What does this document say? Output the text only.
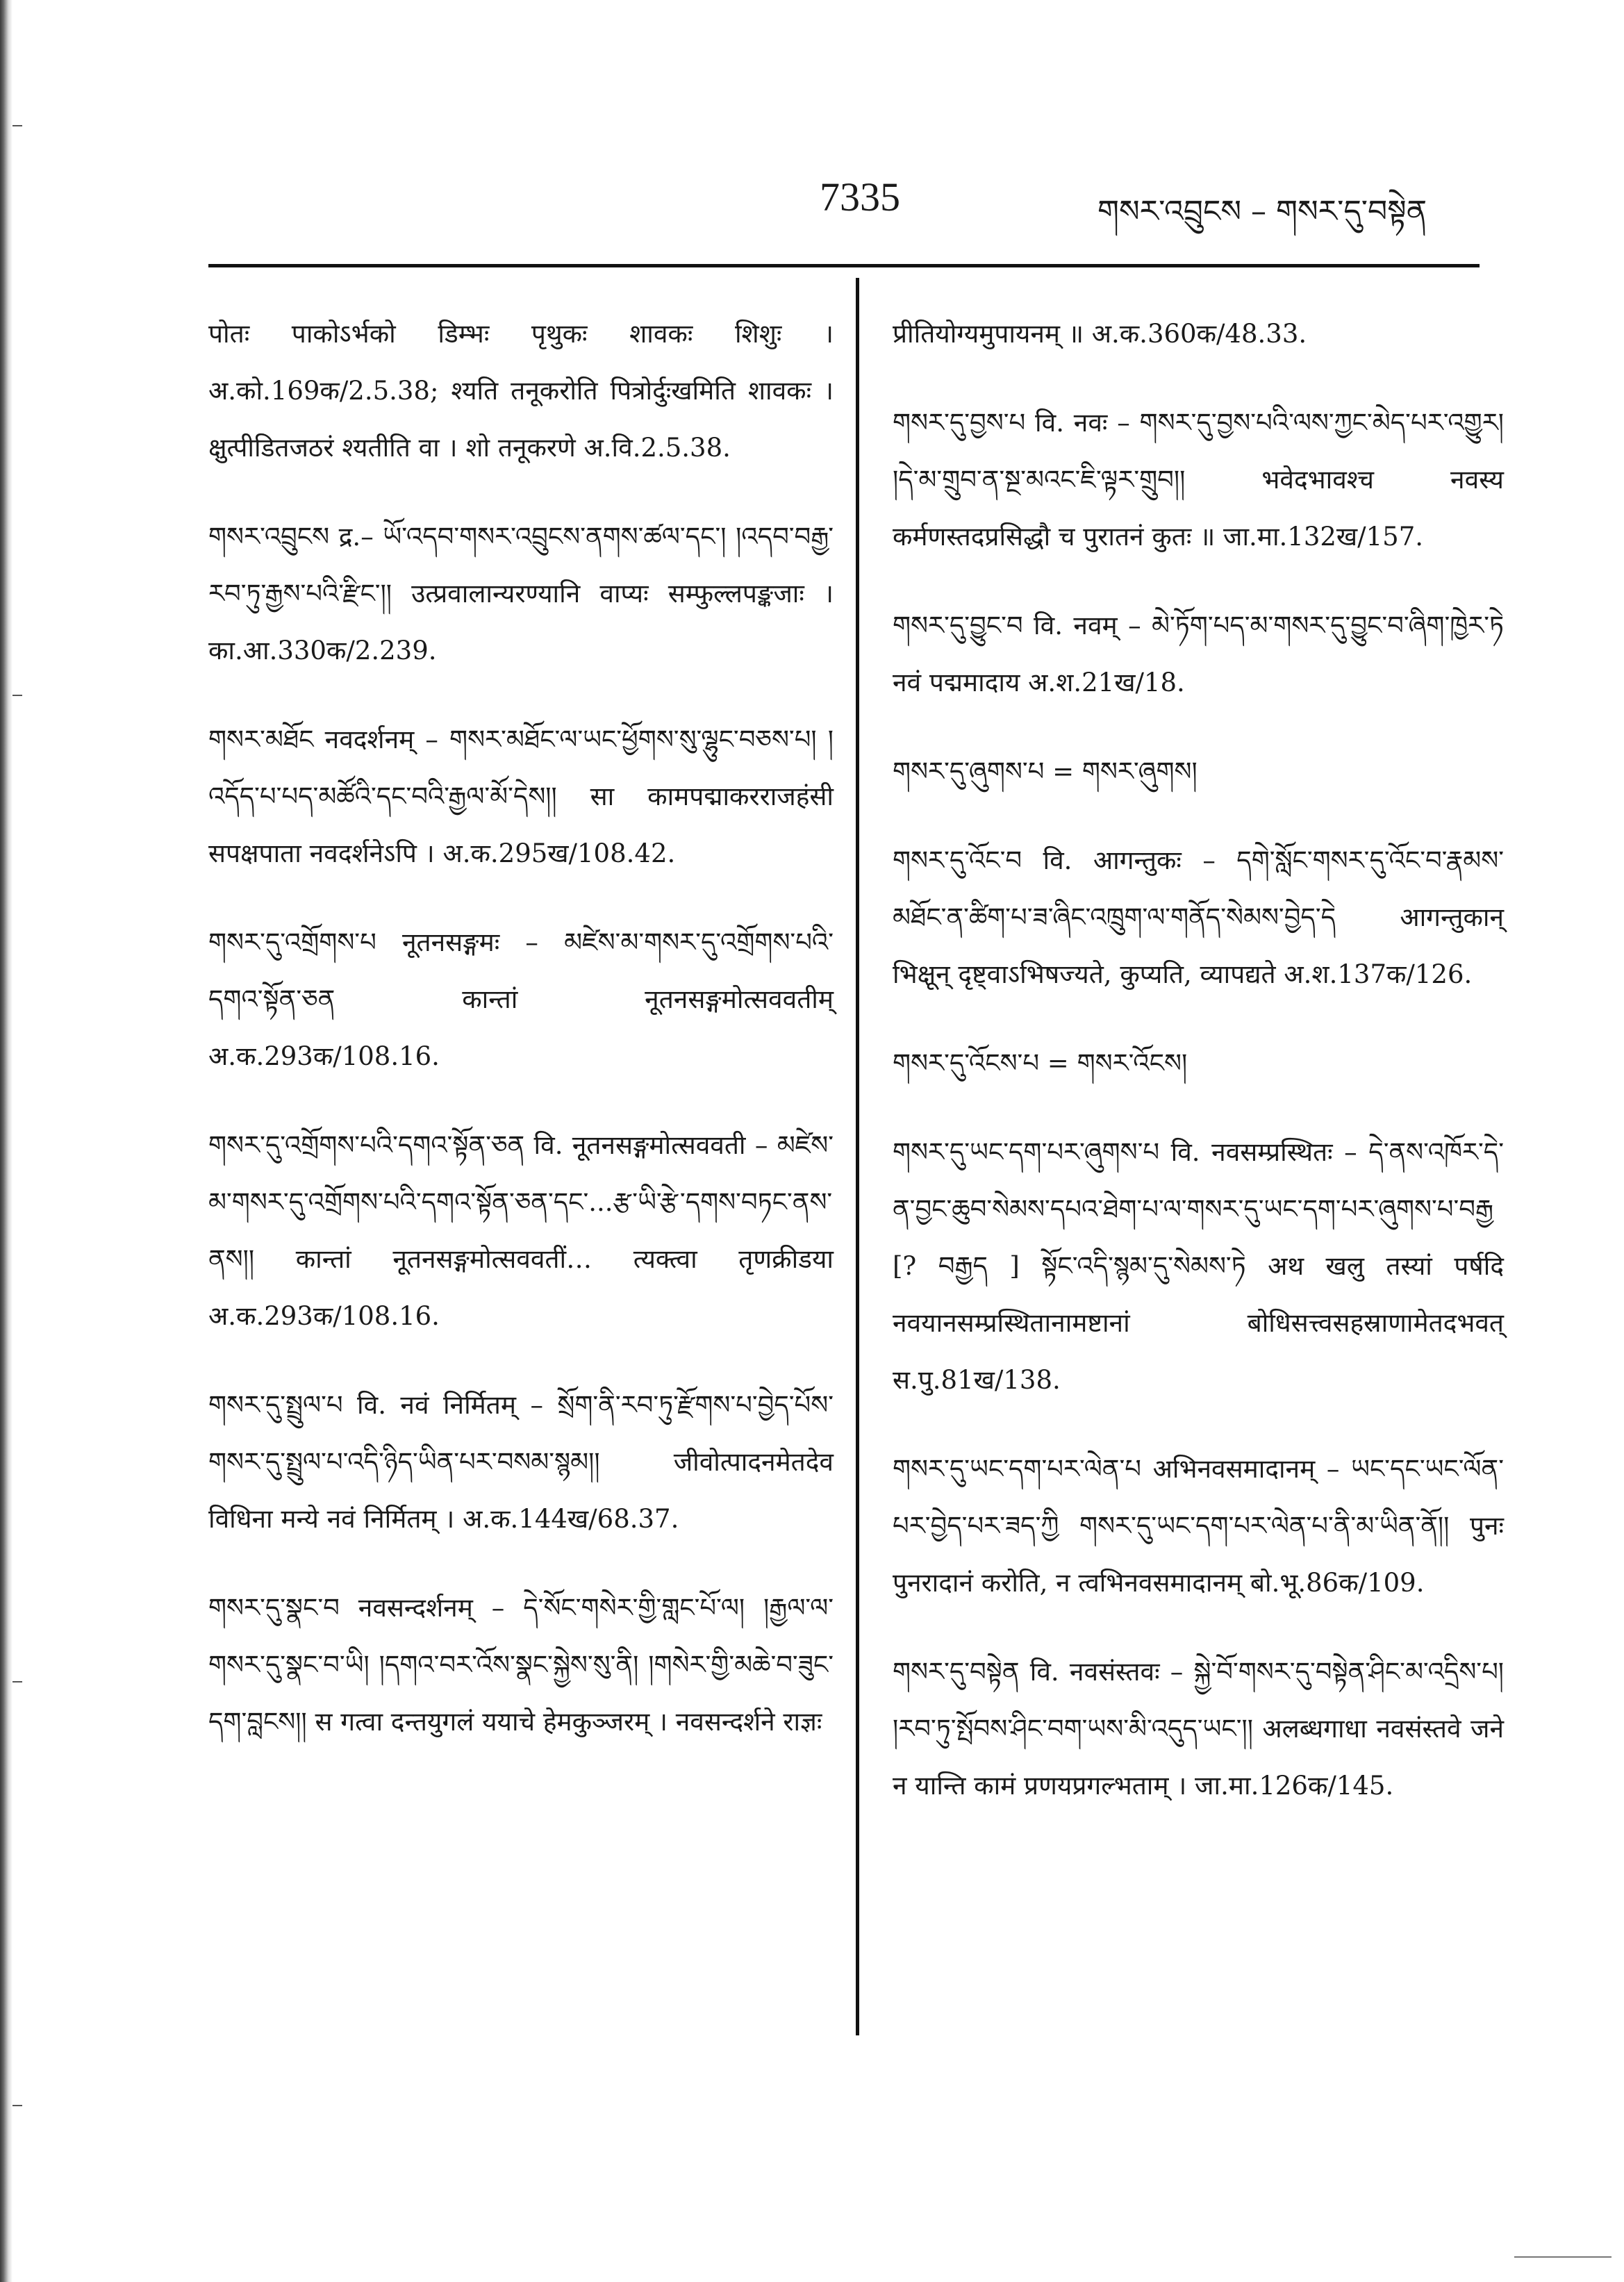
7335	གསར་འབྲུངས – གསར་དུ་བསྟེན

पोतः पाकोऽर्भको डिम्भः पृथुकः शावकः शिशुः । अ.को.169क/2.5.38; श्यति तनूकरोति पित्रोर्दुःखमिति शावकः । क्षुत्पीडितजठरं श्यतीति वा । शो तनूकरणे अ.वि.2.5.38.

གསར་འབྲུངས द्र.– ཡོ་འདབ་གསར་འབྲུངས་ནགས་ཚལ་དང་། །འདབ་བརྒྱ་རབ་ཏུ་རྒྱས་པའི་རྫིང་།། उत्प्रवालान्यरण्यानि वाप्यः सम्फुल्लपङ्कजाः । का.आ.330क/2.239.

གསར་མཐོང नवदर्शनम् – གསར་མཐོང་ལ་ཡང་ཕྱོགས་སུ་ལྷུང་བཅས་པ། །འདོད་པ་པད་མཚོའི་དང་བའི་རྒྱལ་མོ་དེས།། सा कामपद्माकरराजहंसी सपक्षपाता नवदर्शनेऽपि । अ.क.295ख/108.42.

གསར་དུ་འགྲོགས་པ नूतनसङ्गमः – མཛེས་མ་གསར་དུ་འགྲོགས་པའི་དགའ་སྟོན་ཅན कान्तां नूतनसङ्गमोत्सववतीम् अ.क.293क/108.16.

གསར་དུ་འགྲོགས་པའི་དགའ་སྟོན་ཅན वि. नूतनसङ्गमोत्सववती – མཛེས་མ་གསར་དུ་འགྲོགས་པའི་དགའ་སྟོན་ཅན་དང་...རྩ་ཡི་རྩེ་དགས་བཏང་ནས་ནས།། कान्तां नूतनसङ्गमोत्सववतीं… त्यक्त्वा तृणक्रीडया अ.क.293क/108.16.

གསར་དུ་སྤྲུལ་པ वि. नवं निर्मितम् – སྲོག་ནི་རབ་ཏུ་རྫོགས་པ་བྱེད་པོས་གསར་དུ་སྤྲུལ་པ་འདི་ཉིད་ཡིན་པར་བསམ་སྙམ།། जीवोत्पादनमेतदेव विधिना मन्ये नवं निर्मितम् । अ.क.144ख/68.37.

གསར་དུ་སྣང་བ नवसन्दर्शनम् – དེ་སོང་གསེར་གྱི་གླང་པོ་ལ། །རྒྱལ་ལ་གསར་དུ་སྣང་བ་ཡི། །དགའ་བར་འོས་སྣང་སྐྱེས་སུ་ནི། །གསེར་གྱི་མཆེ་བ་ཟུང་དག་བླངས།། स गत्वा दन्तयुगलं ययाचे हेमकुञ्जरम् । नवसन्दर्शने राज्ञः

प्रीतियोग्यमुपायनम् ॥ अ.क.360क/48.33.

གསར་དུ་བྱས་པ वि. नवः – གསར་དུ་བྱས་པའི་ལས་ཀྱང་མེད་པར་འགྱུར། །དེ་མ་གྲུབ་ན་སྔ་མའང་ཇི་ལྟར་གྲུབ།། भवेदभावश्च नवस्य कर्मणस्तदप्रसिद्धौ च पुरातनं कुतः ॥ जा.मा.132ख/157.

གསར་དུ་བྱུང་བ वि. नवम् – མེ་ཏོག་པད་མ་གསར་དུ་བྱུང་བ་ཞིག་ཁྱེར་ཏེ नवं पद्ममादाय अ.श.21ख/18.

གསར་དུ་ཞུགས་པ = གསར་ཞུགས།

གསར་དུ་འོང་བ वि. आगन्तुकः – དགེ་སློང་གསར་དུ་འོང་བ་རྣམས་མཐོང་ན་ཚིག་པ་ཟ་ཞིང་འཁྲུག་ལ་གནོད་སེམས་བྱེད་དེ आगन्तुकान् भिक्षून् दृष्ट्वाऽभिषज्यते, कुप्यति, व्यापद्यते अ.श.137क/126.

གསར་དུ་འོངས་པ = གསར་འོངས།

གསར་དུ་ཡང་དག་པར་ཞུགས་པ वि. नवसम्प्रस्थितः – དེ་ནས་འཁོར་དེ་ན་བྱང་ཆུབ་སེམས་དཔའ་ཐེག་པ་ལ་གསར་དུ་ཡང་དག་པར་ཞུགས་པ་བརྒྱ [? བརྒྱད ] སྟོང་འདི་སྙམ་དུ་སེམས་ཏེ अथ खलु तस्यां पर्षदि नवयानसम्प्रस्थितानामष्टानां बोधिसत्त्वसहस्राणामेतदभवत् स.पु.81ख/138.

གསར་དུ་ཡང་དག་པར་ལེན་པ अभिनवसमादानम् – ཡང་དང་ཡང་ལོན་པར་བྱེད་པར་ཟད་ཀྱི གསར་དུ་ཡང་དག་པར་ལེན་པ་ནི་མ་ཡིན་ནོ།། पुनः पुनरादानं करोति, न त्वभिनवसमादानम् बो.भू.86क/109.

གསར་དུ་བསྟེན वि. नवसंस्तवः – སྐྱེ་བོ་གསར་དུ་བསྟེན་ཤིང་མ་འདྲིས་པ། །རབ་ཏུ་སྤོབས་ཤིང་བག་ཡས་མི་འདུད་ཡང་།། अलब्धगाधा नवसंस्तवे जने न यान्ति कामं प्रणयप्रगल्भताम् । जा.मा.126क/145.
